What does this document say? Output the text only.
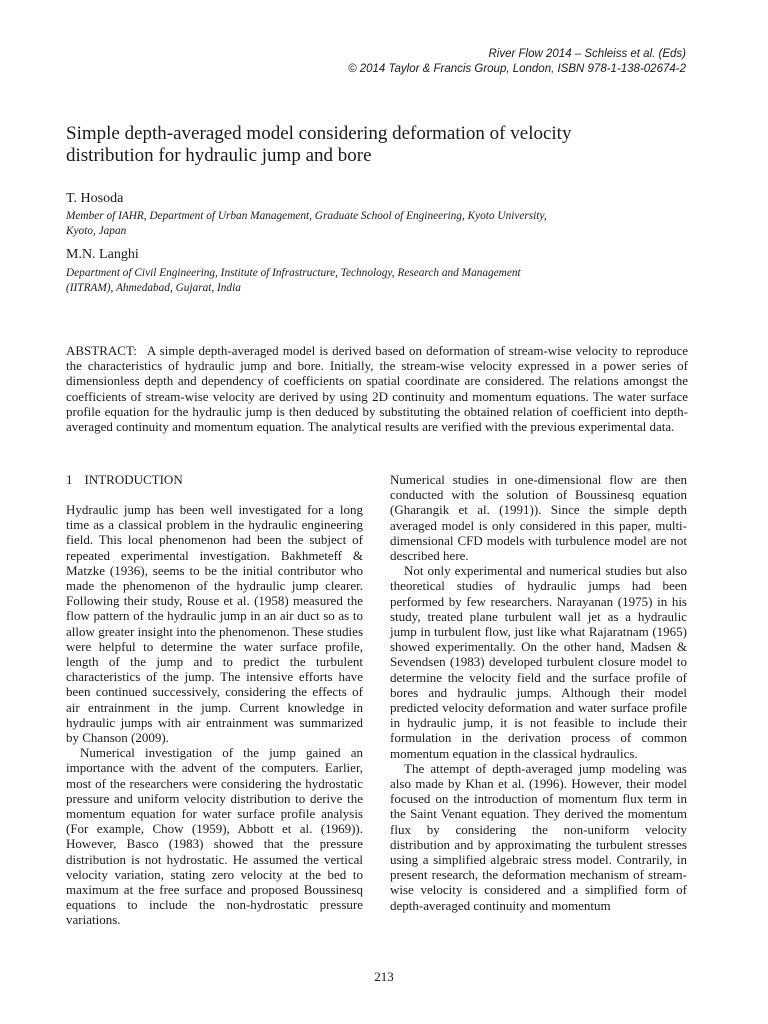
River Flow 2014 – Schleiss et al. (Eds)
© 2014 Taylor & Francis Group, London, ISBN 978-1-138-02674-2
Simple depth-averaged model considering deformation of velocity
distribution for hydraulic jump and bore
T. Hosoda
Member of IAHR, Department of Urban Management, Graduate School of Engineering, Kyoto University,
Kyoto, Japan
M.N. Langhi
Department of Civil Engineering, Institute of Infrastructure, Technology, Research and Management
(IITRAM), Ahmedabad, Gujarat, India
ABSTRACT: A simple depth-averaged model is derived based on deformation of stream-wise velocity to reproduce the characteristics of hydraulic jump and bore. Initially, the stream-wise velocity expressed in a power series of dimensionless depth and dependency of coefficients on spatial coordinate are considered. The relations amongst the coefficients of stream-wise velocity are derived by using 2D continuity and momentum equations. The water surface profile equation for the hydraulic jump is then deduced by substituting the obtained relation of coefficient into depth-averaged continuity and momentum equation. The analytical results are verified with the previous experimental data.
1 INTRODUCTION

Hydraulic jump has been well investigated for a long time as a classical problem in the hydraulic engineering field. This local phenomenon had been the subject of repeated experimental investigation. Bakhmeteff & Matzke (1936), seems to be the initial contributor who made the phenomenon of the hydraulic jump clearer. Following their study, Rouse et al. (1958) measured the flow pattern of the hydraulic jump in an air duct so as to allow greater insight into the phenomenon. These studies were helpful to determine the water surface profile, length of the jump and to predict the turbulent characteristics of the jump. The intensive efforts have been continued successively, considering the effects of air entrainment in the jump. Current knowledge in hydraulic jumps with air entrainment was summarized by Chanson (2009).

Numerical investigation of the jump gained an importance with the advent of the computers. Earlier, most of the researchers were considering the hydrostatic pressure and uniform velocity distribution to derive the momentum equation for water surface profile analysis (For example, Chow (1959), Abbott et al. (1969)). However, Basco (1983) showed that the pressure distribution is not hydrostatic. He assumed the vertical velocity variation, stating zero velocity at the bed to maximum at the free surface and proposed Boussinesq equations to include the non-hydrostatic pressure variations.

Numerical studies in one-dimensional flow are then conducted with the solution of Boussinesq equation (Gharangik et al. (1991)). Since the simple depth averaged model is only considered in this paper, multi-dimensional CFD models with turbulence model are not described here.

Not only experimental and numerical studies but also theoretical studies of hydraulic jumps had been performed by few researchers. Narayanan (1975) in his study, treated plane turbulent wall jet as a hydraulic jump in turbulent flow, just like what Rajaratnam (1965) showed experimentally. On the other hand, Madsen & Sevendsen (1983) developed turbulent closure model to determine the velocity field and the surface profile of bores and hydraulic jumps. Although their model predicted velocity deformation and water surface profile in hydraulic jump, it is not feasible to include their formulation in the derivation process of common momentum equation in the classical hydraulics.

The attempt of depth-averaged jump modeling was also made by Khan et al. (1996). However, their model focused on the introduction of momentum flux term in the Saint Venant equation. They derived the momentum flux by considering the non-uniform velocity distribution and by approximating the turbulent stresses using a simplified algebraic stress model. Contrarily, in present research, the deformation mechanism of stream-wise velocity is considered and a simplified form of depth-averaged continuity and momentum

213
